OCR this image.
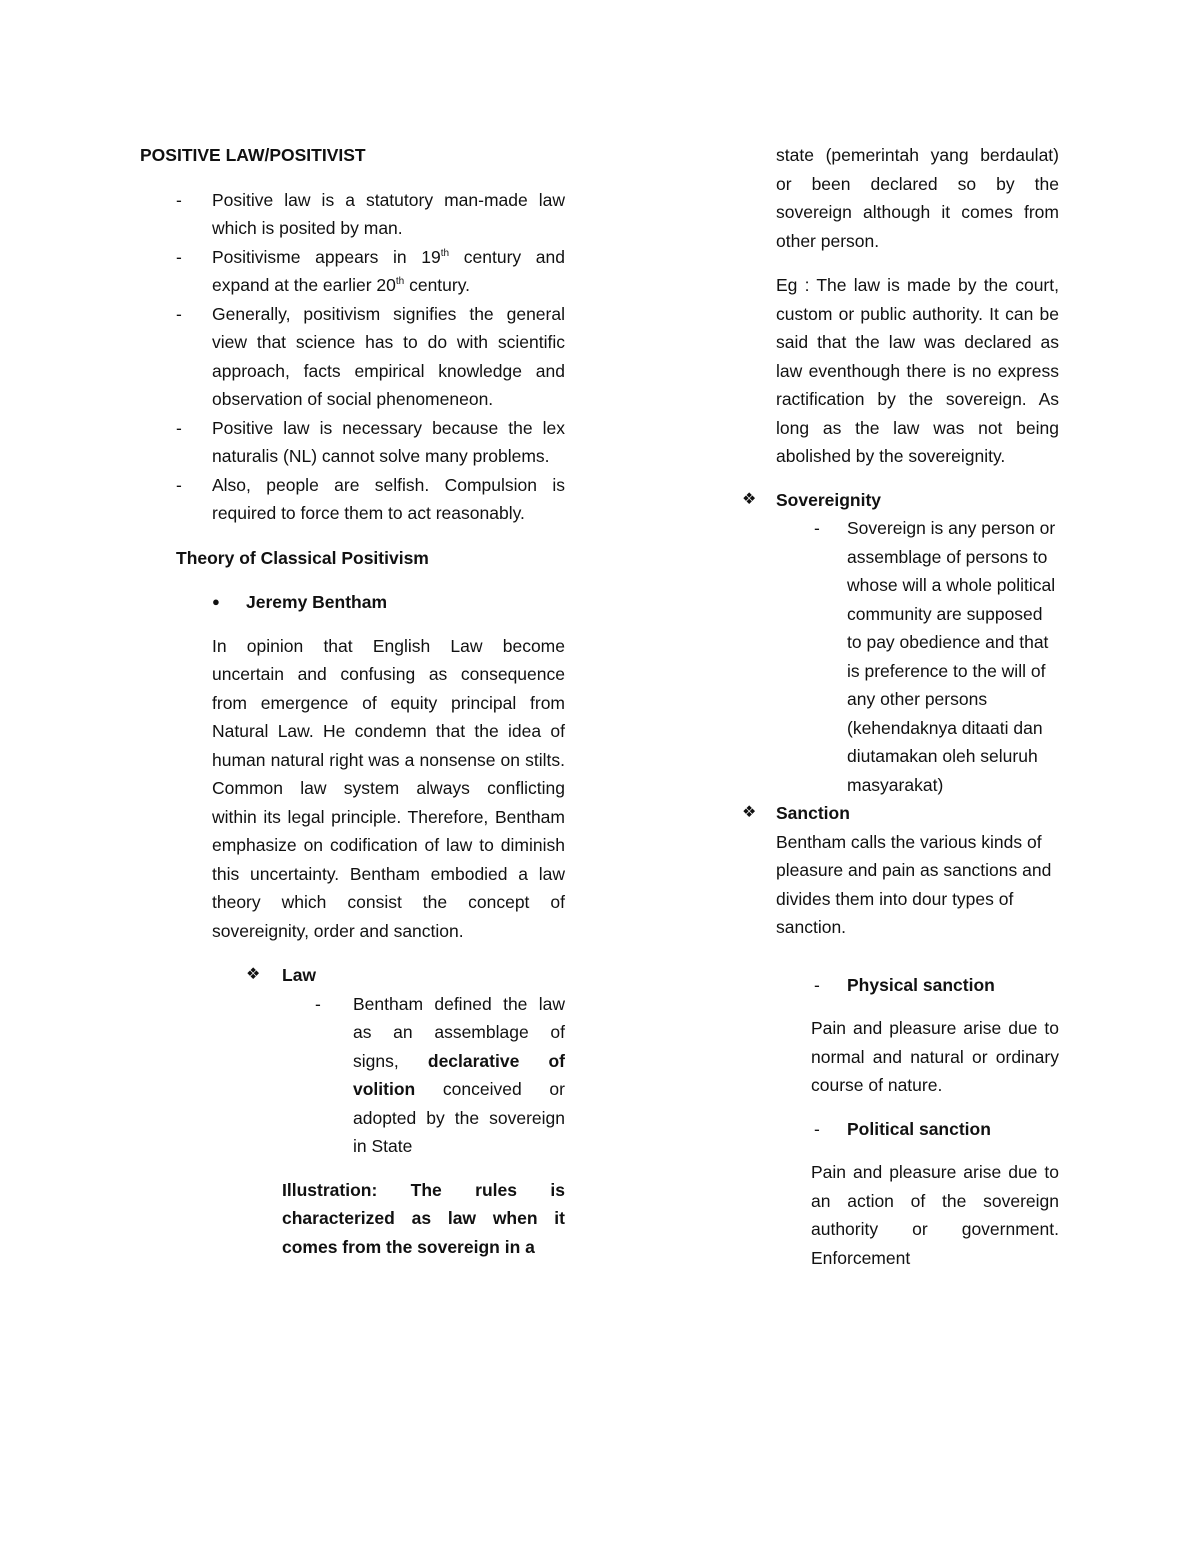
POSITIVE LAW/POSITIVIST

- Positive law is a statutory man-made law which is posited by man.
- Positivisme appears in 19th century and expand at the earlier 20th century.
- Generally, positivism signifies the general view that science has to do with scientific approach, facts empirical knowledge and observation of social phenomeneon.
- Positive law is necessary because the lex naturalis (NL) cannot solve many problems.
- Also, people are selfish. Compulsion is required to force them to act reasonably.

Theory of Classical Positivism

● Jeremy Bentham

In opinion that English Law become uncertain and confusing as consequence from emergence of equity principal from Natural Law. He condemn that the idea of human natural right was a nonsense on stilts. Common law system always conflicting within its legal principle. Therefore, Bentham emphasize on codification of law to diminish this uncertainty. Bentham embodied a law theory which consist the concept of sovereignity, order and sanction.

❖ Law
- Bentham defined the law as an assemblage of signs, declarative of volition conceived or adopted by the sovereign in State

Illustration: The rules is characterized as law when it comes from the sovereign in a

state (pemerintah yang berdaulat) or been declared so by the sovereign although it comes from other person.

Eg : The law is made by the court, custom or public authority. It can be said that the law was declared as law eventhough there is no express ractification by the sovereign. As long as the law was not being abolished by the sovereignity.

❖ Sovereignity
- Sovereign is any person or assemblage of persons to whose will a whole political community are supposed to pay obedience and that is preference to the will of any other persons (kehendaknya ditaati dan diutamakan oleh seluruh masyarakat)
❖ Sanction

Bentham calls the various kinds of pleasure and pain as sanctions and divides them into dour types of sanction.

- Physical sanction

Pain and pleasure arise due to normal and natural or ordinary course of nature.

- Political sanction

Pain and pleasure arise due to an action of the sovereign authority or government. Enforcement
